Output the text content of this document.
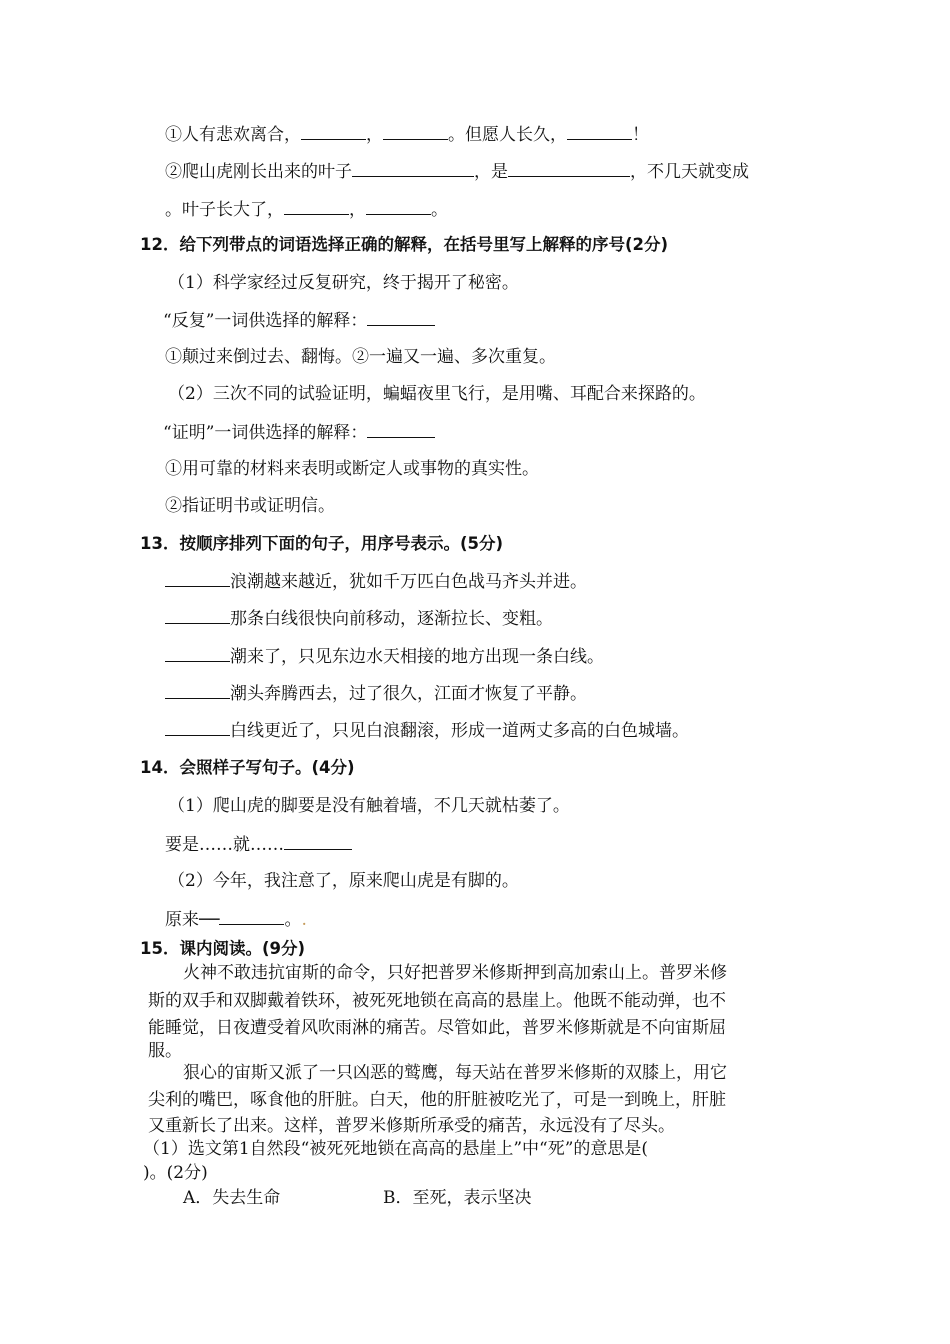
①人有悲欢离合，	，	。但愿人长久，	！
②爬山虎刚长出来的叶子	，是	，不几天就变成
。叶子长大了，	，	。
12．给下列带点的词语选择正确的解释，在括号里写上解释的序号(2分)
（1）科学家经过反复研究，终于揭开了秘密。
“反复”一词供选择的解释：
①颠过来倒过去、翻悔。②一遍又一遍、多次重复。
（2）三次不同的试验证明，蝙蝠夜里飞行，是用嘴、耳配合来探路的。
“证明”一词供选择的解释：
①用可靠的材料来表明或断定人或事物的真实性。
②指证明书或证明信。
13．按顺序排列下面的句子，用序号表示。(5分)
浪潮越来越近，犹如千万匹白色战马齐头并进。
那条白线很快向前移动，逐渐拉长、变粗。
潮来了，只见东边水天相接的地方出现一条白线。
潮头奔腾西去，过了很久，江面才恢复了平静。
白线更近了，只见白浪翻滚，形成一道两丈多高的白色城墙。
14．会照样子写句子。(4分)
（1）爬山虎的脚要是没有触着墙，不几天就枯萎了。
要是……就……
（2）今年，我注意了，原来爬山虎是有脚的。
原来──	。.
15．课内阅读。(9分)
火神不敢违抗宙斯的命令，只好把普罗米修斯押到高加索山上。普罗米修
斯的双手和双脚戴着铁环，被死死地锁在高高的悬崖上。他既不能动弹，也不
能睡觉，日夜遭受着风吹雨淋的痛苦。尽管如此，普罗米修斯就是不向宙斯屈
服。
狠心的宙斯又派了一只凶恶的鹫鹰，每天站在普罗米修斯的双膝上，用它
尖利的嘴巴，啄食他的肝脏。白天，他的肝脏被吃光了，可是一到晚上，肝脏
又重新长了出来。这样，普罗米修斯所承受的痛苦，永远没有了尽头。
（1）选文第1自然段“被死死地锁在高高的悬崖上”中“死”的意思是(
)。(2分)
A．失去生命	B．至死，表示坚决
